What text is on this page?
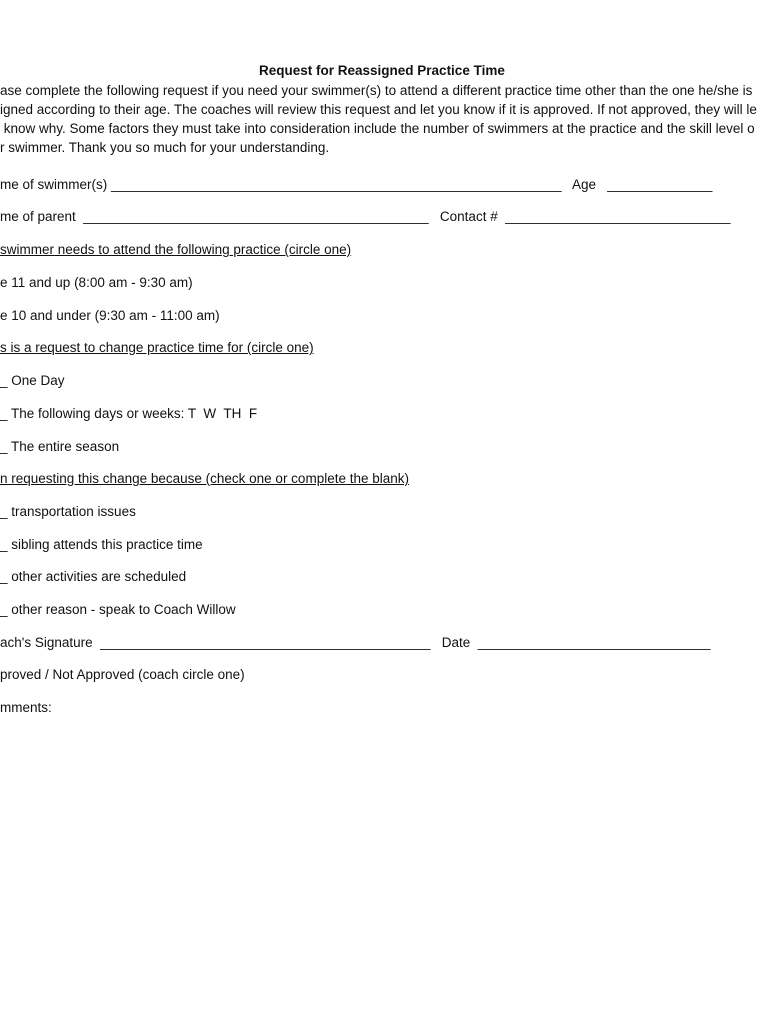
Request for Reassigned Practice Time
ase complete the following request if you need your swimmer(s) to attend a different practice time other than the one he/she is
igned according to their age. The coaches will review this request and let you know if it is approved. If not approved, they will le
know why. Some factors they must take into consideration include the number of swimmers at the practice and the skill level o
r swimmer. Thank you so much for your understanding.
me of swimmer(s) ____________________________________________________________   Age   ______________
me of parent  ______________________________________________   Contact #  ______________________________
swimmer needs to attend the following practice (circle one)
e 11 and up (8:00 am - 9:30 am)
e 10 and under (9:30 am - 11:00 am)
s is a request to change practice time for (circle one)
_ One Day
_ The following days or weeks: T  W  TH  F
_ The entire season
n requesting this change because (check one or complete the blank)
_ transportation issues
_ sibling attends this practice time
_ other activities are scheduled
_ other reason - speak to Coach Willow
ach's Signature  ____________________________________________   Date  _______________________________
proved / Not Approved (coach circle one)
mments:
